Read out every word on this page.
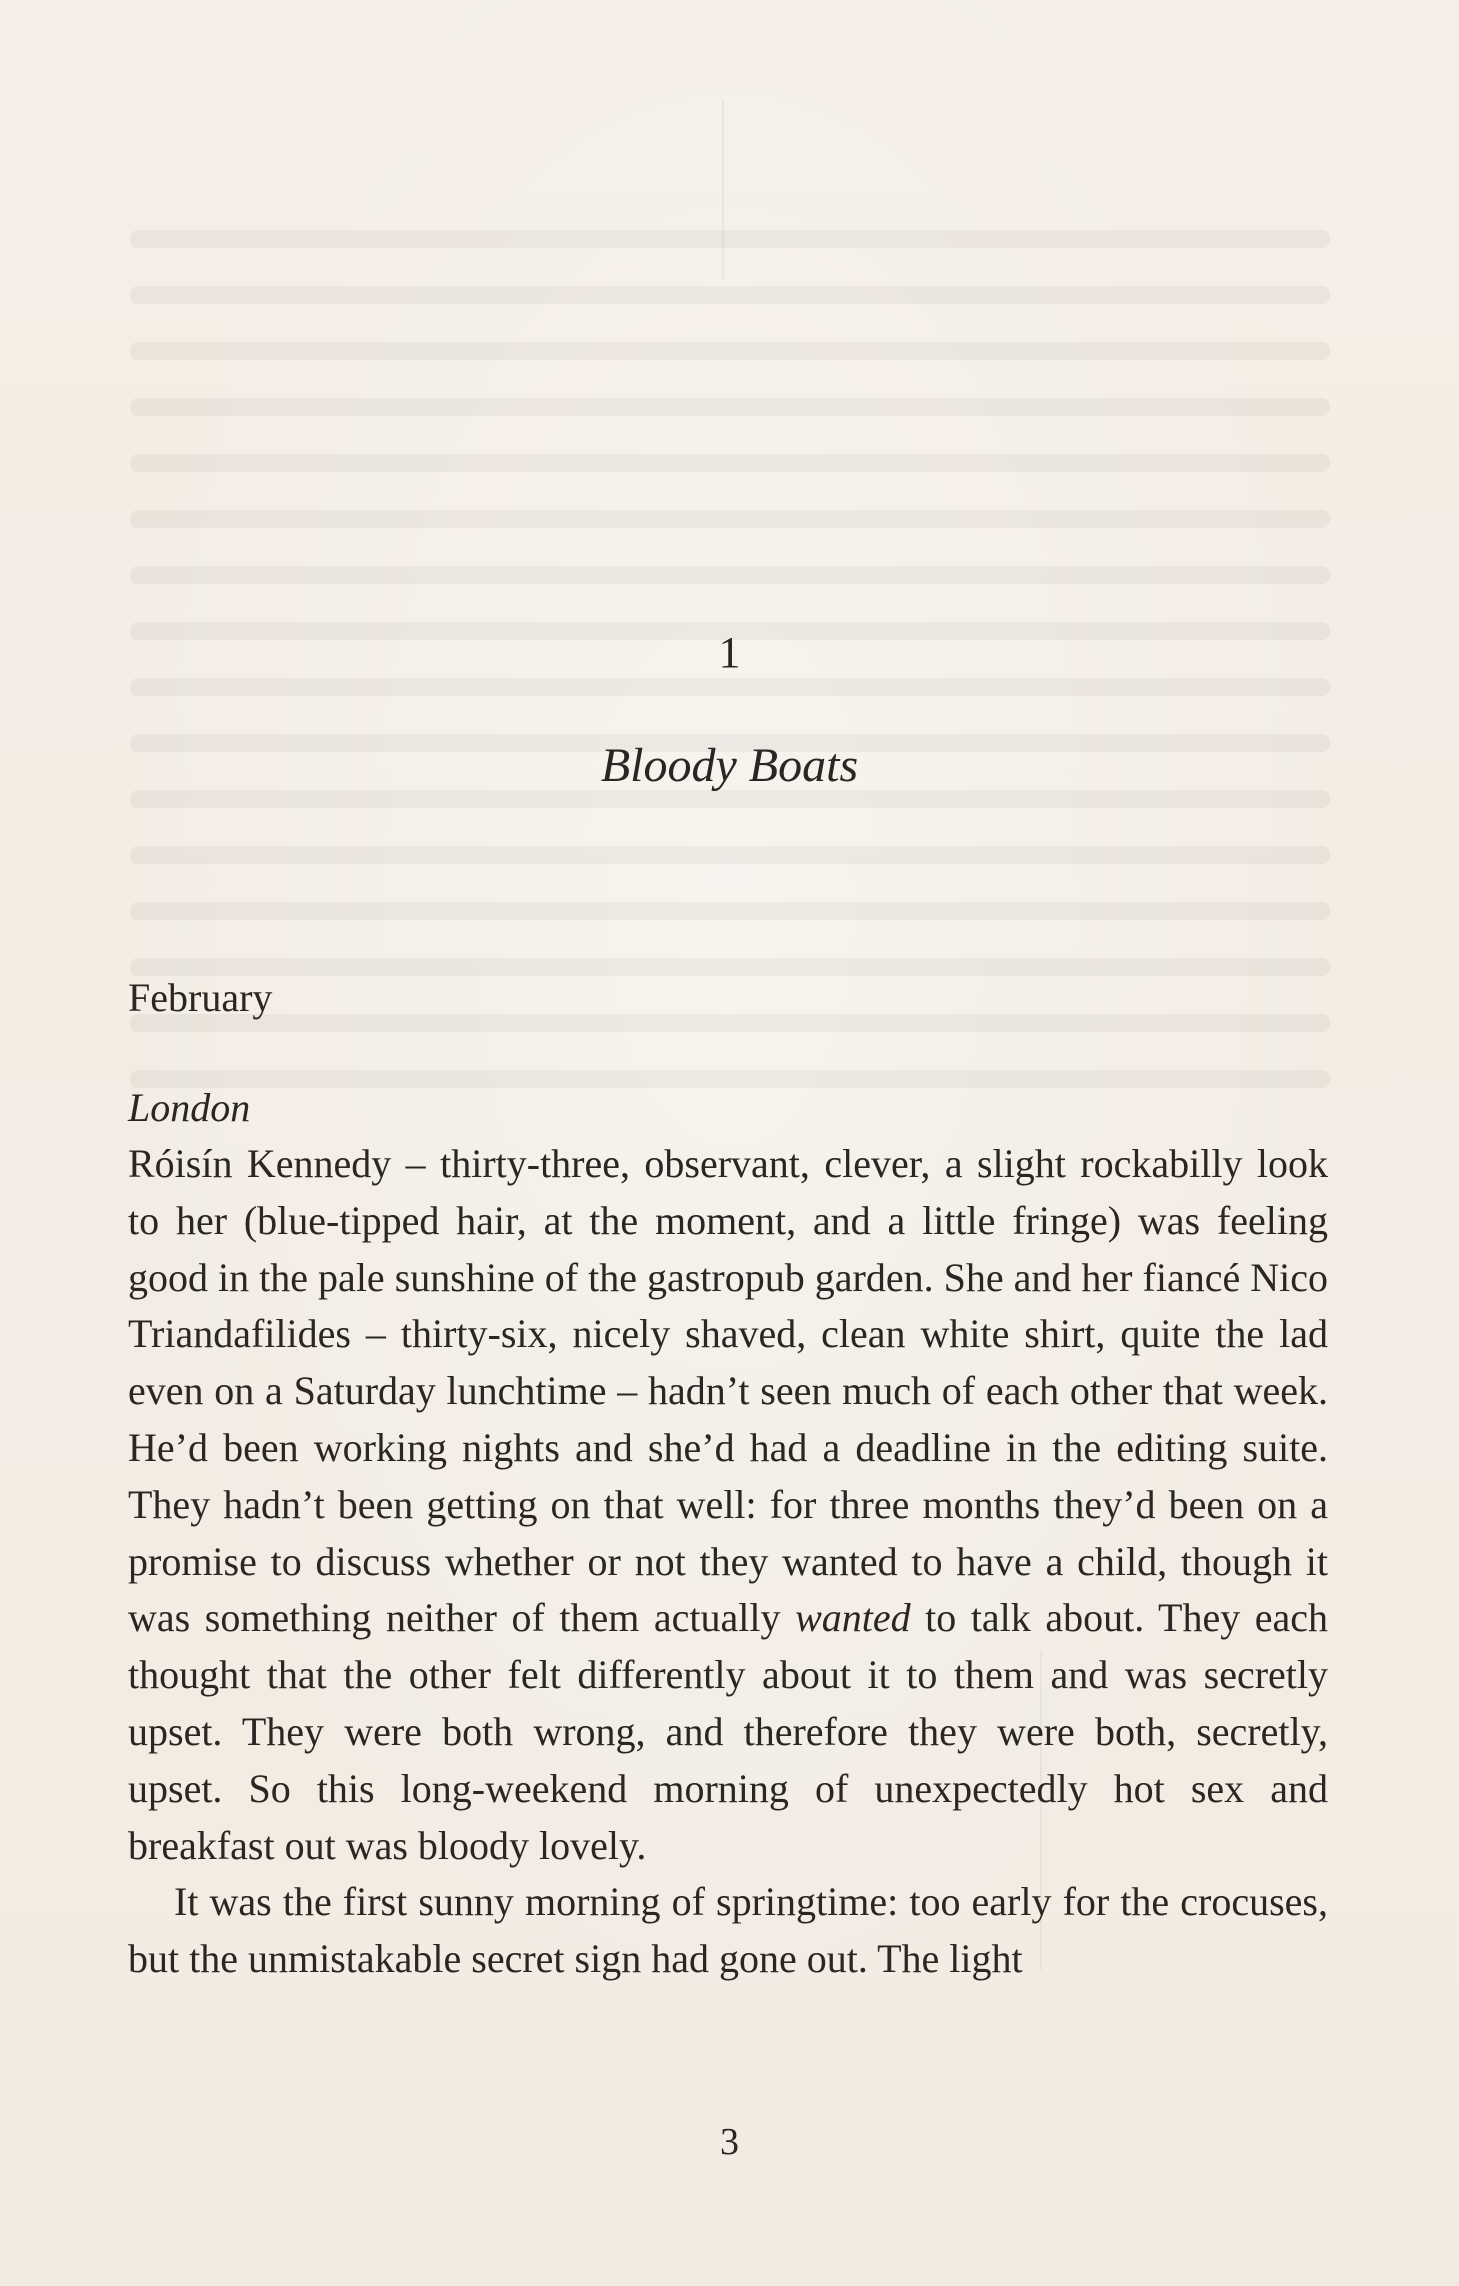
1
Bloody Boats

February

London

Róisín Kennedy – thirty-three, observant, clever, a slight rockabilly look to her (blue-tipped hair, at the moment, and a little fringe) was feeling good in the pale sunshine of the gastropub garden. She and her fiancé Nico Triandafilides – thirty-six, nicely shaved, clean white shirt, quite the lad even on a Saturday lunchtime – hadn’t seen much of each other that week. He’d been working nights and she’d had a deadline in the editing suite. They hadn’t been getting on that well: for three months they’d been on a promise to discuss whether or not they wanted to have a child, though it was something neither of them actually wanted to talk about. They each thought that the other felt differently about it to them and was secretly upset. They were both wrong, and therefore they were both, secretly, upset. So this long-weekend morning of unexpectedly hot sex and breakfast out was bloody lovely.

It was the first sunny morning of springtime: too early for the crocuses, but the unmistakable secret sign had gone out. The light

3
